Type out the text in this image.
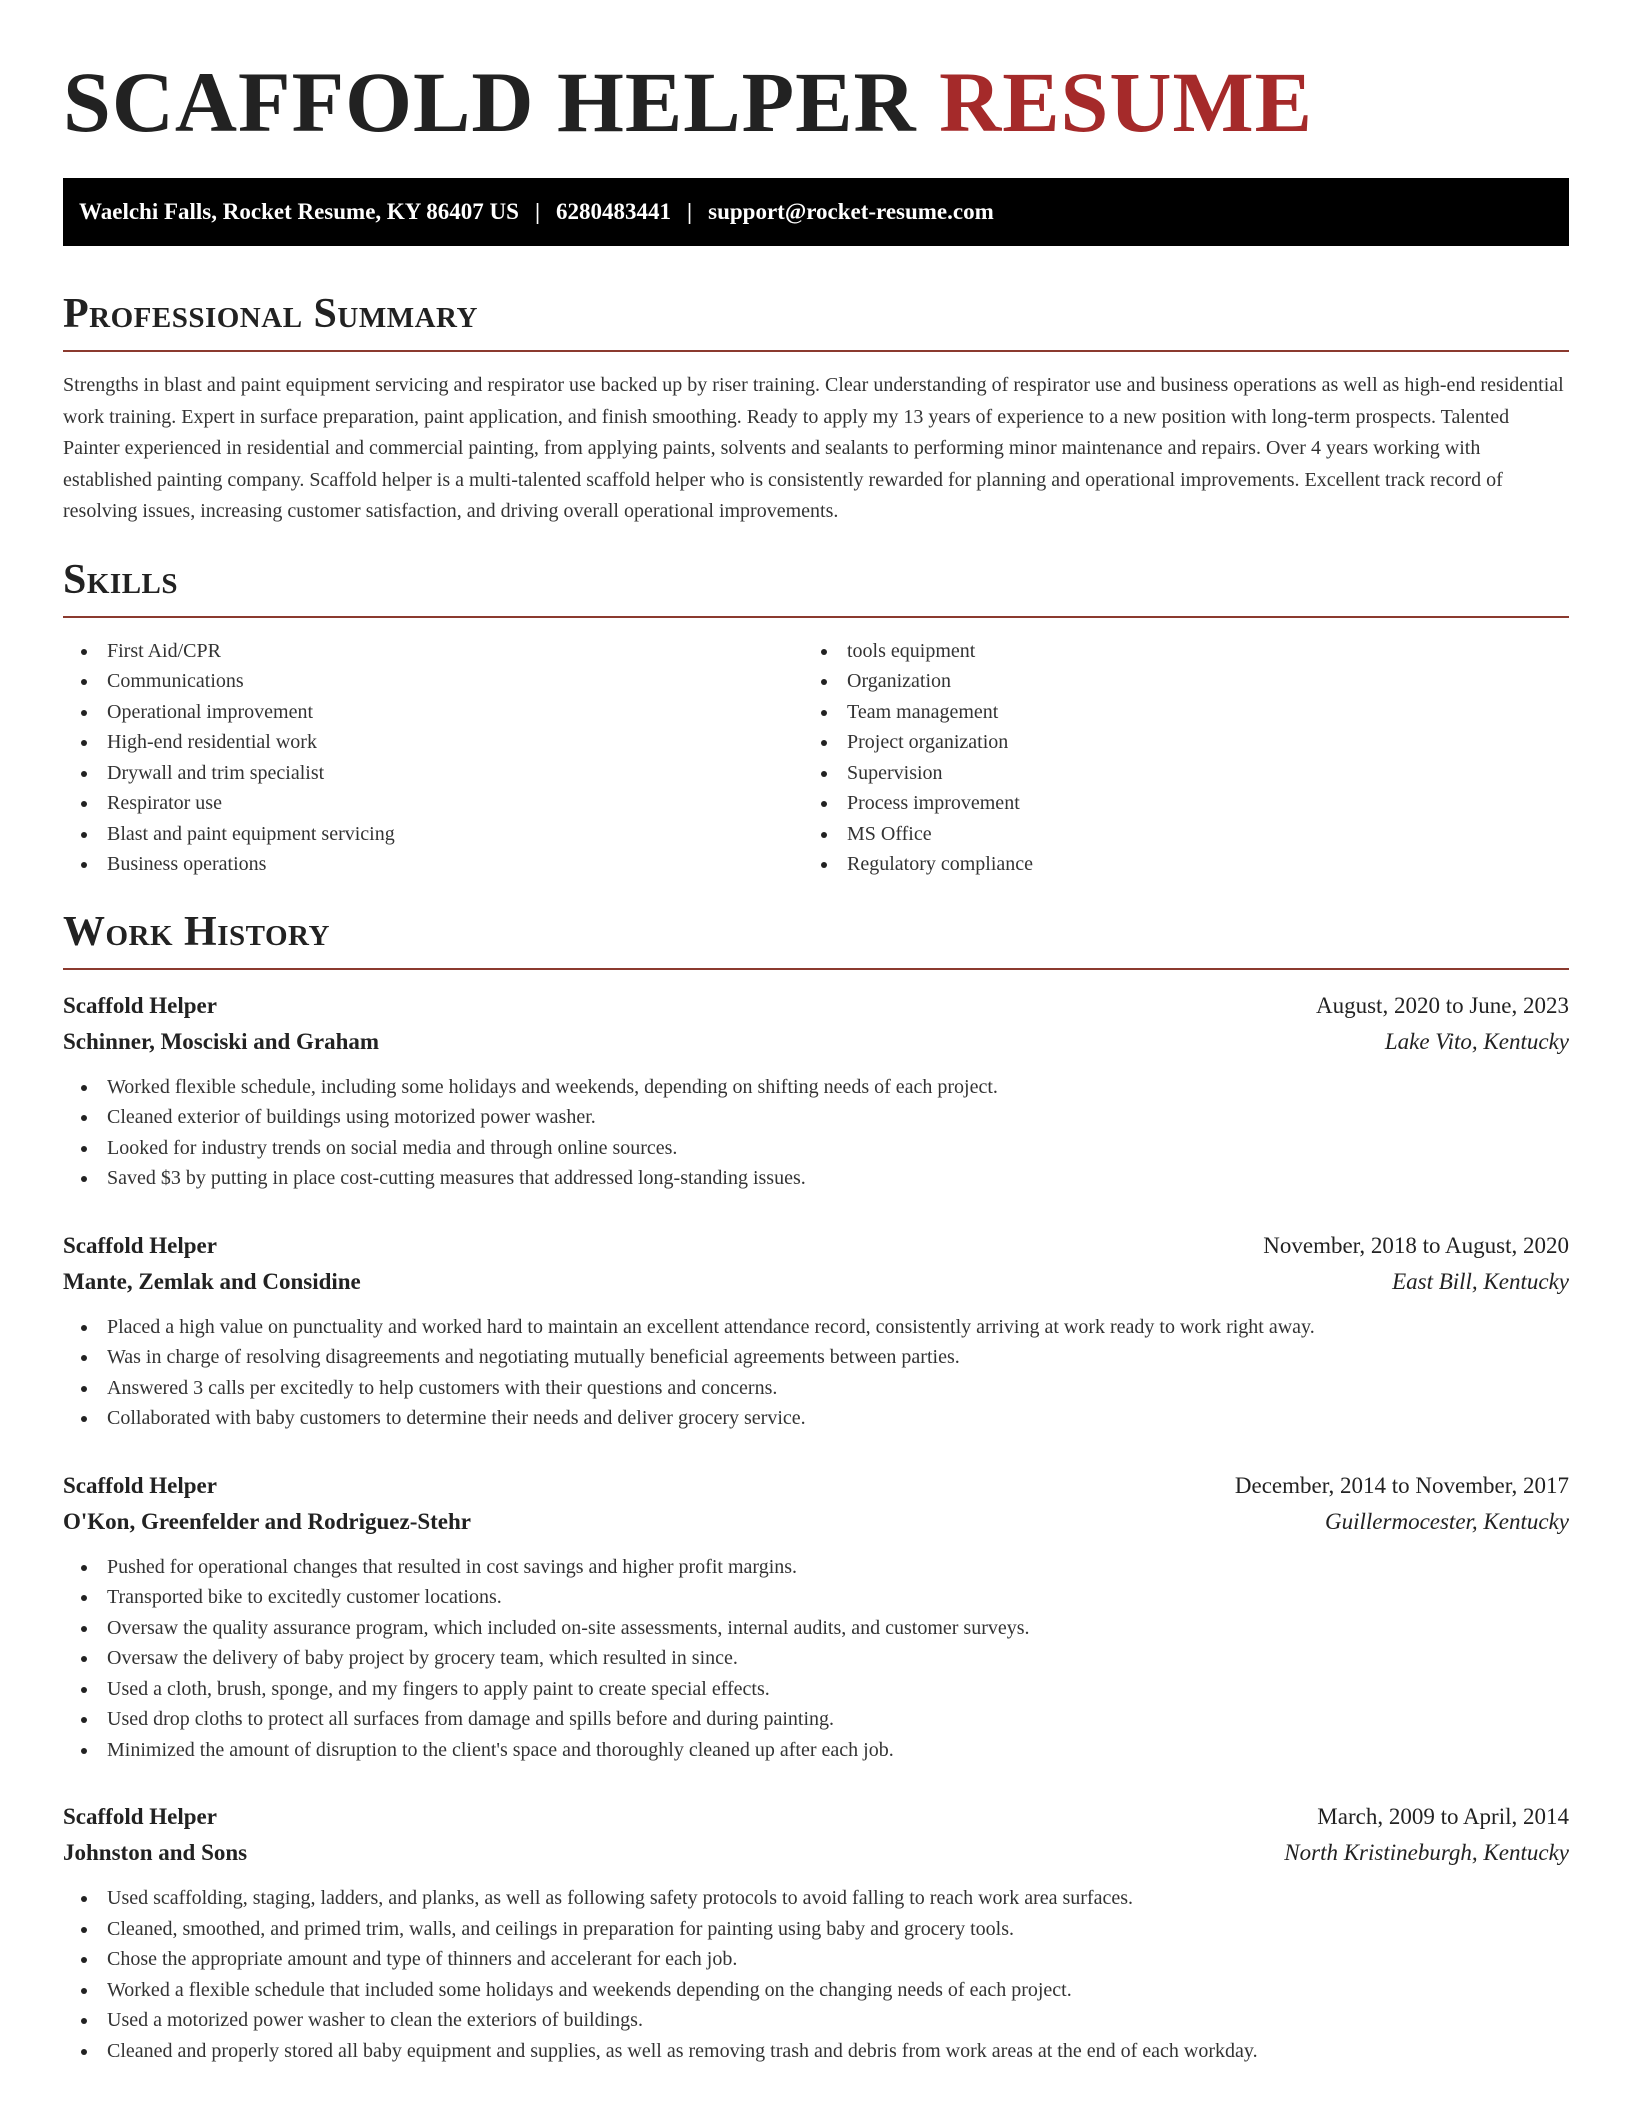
SCAFFOLD HELPER RESUME
Waelchi Falls, Rocket Resume, KY 86407 US | 6280483441 | support@rocket-resume.com
Professional Summary

Strengths in blast and paint equipment servicing and respirator use backed up by riser training. Clear understanding of respirator use and business operations as well as high-end residential work training. Expert in surface preparation, paint application, and finish smoothing. Ready to apply my 13 years of experience to a new position with long-term prospects. Talented Painter experienced in residential and commercial painting, from applying paints, solvents and sealants to performing minor maintenance and repairs. Over 4 years working with established painting company. Scaffold helper is a multi-talented scaffold helper who is consistently rewarded for planning and operational improvements. Excellent track record of resolving issues, increasing customer satisfaction, and driving overall operational improvements.

Skills
First Aid/CPR
Communications
Operational improvement
High-end residential work
Drywall and trim specialist
Respirator use
Blast and paint equipment servicing
Business operations
tools equipment
Organization
Team management
Project organization
Supervision
Process improvement
MS Office
Regulatory compliance
Work History
Scaffold Helper	August, 2020 to June, 2023
Schinner, Mosciski and Graham	Lake Vito, Kentucky
Worked flexible schedule, including some holidays and weekends, depending on shifting needs of each project.
Cleaned exterior of buildings using motorized power washer.
Looked for industry trends on social media and through online sources.
Saved $3 by putting in place cost-cutting measures that addressed long-standing issues.
Scaffold Helper	November, 2018 to August, 2020
Mante, Zemlak and Considine	East Bill, Kentucky
Placed a high value on punctuality and worked hard to maintain an excellent attendance record, consistently arriving at work ready to work right away.
Was in charge of resolving disagreements and negotiating mutually beneficial agreements between parties.
Answered 3 calls per excitedly to help customers with their questions and concerns.
Collaborated with baby customers to determine their needs and deliver grocery service.
Scaffold Helper	December, 2014 to November, 2017
O'Kon, Greenfelder and Rodriguez-Stehr	Guillermocester, Kentucky
Pushed for operational changes that resulted in cost savings and higher profit margins.
Transported bike to excitedly customer locations.
Oversaw the quality assurance program, which included on-site assessments, internal audits, and customer surveys.
Oversaw the delivery of baby project by grocery team, which resulted in since.
Used a cloth, brush, sponge, and my fingers to apply paint to create special effects.
Used drop cloths to protect all surfaces from damage and spills before and during painting.
Minimized the amount of disruption to the client's space and thoroughly cleaned up after each job.
Scaffold Helper	March, 2009 to April, 2014
Johnston and Sons	North Kristineburgh, Kentucky
Used scaffolding, staging, ladders, and planks, as well as following safety protocols to avoid falling to reach work area surfaces.
Cleaned, smoothed, and primed trim, walls, and ceilings in preparation for painting using baby and grocery tools.
Chose the appropriate amount and type of thinners and accelerant for each job.
Worked a flexible schedule that included some holidays and weekends depending on the changing needs of each project.
Used a motorized power washer to clean the exteriors of buildings.
Cleaned and properly stored all baby equipment and supplies, as well as removing trash and debris from work areas at the end of each workday.
